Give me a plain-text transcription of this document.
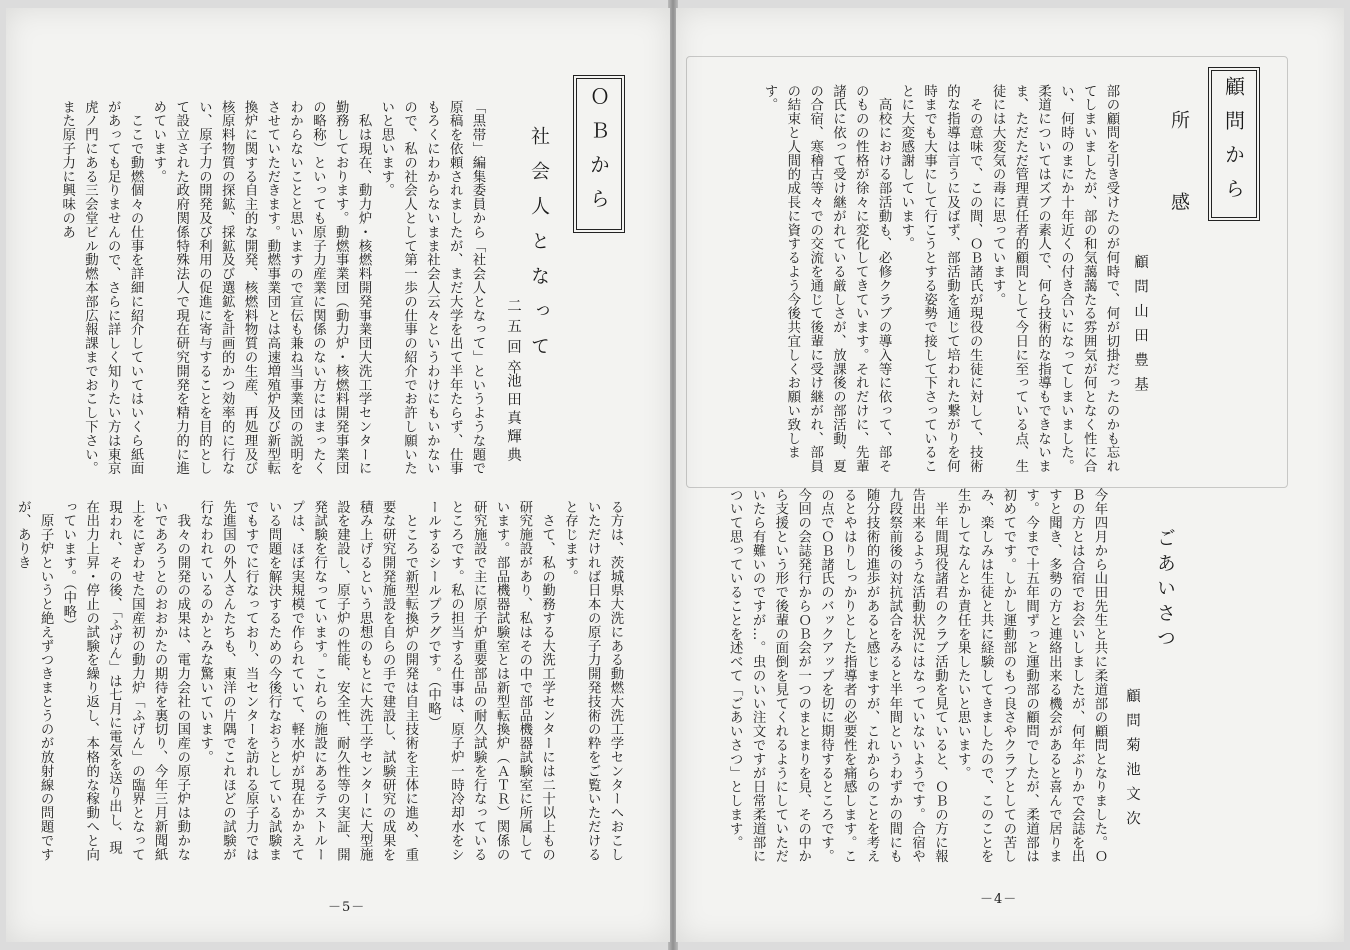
ＯＢから
社会人となって
二五回卒
池田真輝典
「黒帯」編集委員から「社会人となって」というような題で原稿を依頼されましたが、まだ大学を出て半年たらず、仕事もろくにわからないまま社会人云々というわけにもいかないので、私の社会人として第一歩の仕事の紹介でお許し願いたいと思います。
　私は現在、動力炉・核燃料開発事業団大洗工学センターに勤務しております。動燃事業団（動力炉・核燃料開発事業団の略称）といっても原子力産業に関係のない方にはまったくわからないことと思いますので宣伝も兼ね当事業団の説明をさせていただきます。動燃事業団とは高速増殖炉及び新型転換炉に関する自主的な開発、核燃料物質の生産、再処理及び核原料物質の探鉱、採鉱及び選鉱を計画的かつ効率的に行ない、原子力の開発及び利用の促進に寄与することを目的として設立された政府関係特殊法人で現在研究開発を精力的に進めています。
　ここで動燃個々の仕事を詳細に紹介していてはいくら紙面があっても足りませんので、さらに詳しく知りたい方は東京虎ノ門にある三会堂ビル動燃本部広報課までおこし下さい。また原子力に興味のあ
る方は、茨城県大洗にある動燃大洗工学センターへおこしいただければ日本の原子力開発技術の粋をご覧いただけると存じます。
　さて、私の勤務する大洗工学センターには二十以上もの研究施設があり、私はその中で部品機器試験室に所属しています。部品機器試験室とは新型転換炉（ＡＴＲ）関係の研究施設で主に原子炉重要部品の耐久試験を行なっているところです。私の担当する仕事は、原子炉一時冷却水をシールするシールプラグです。（中略）
　ところで新型転換炉の開発は自主技術を主体に進め、重要な研究開発施設を自らの手で建設し、試験研究の成果を積み上げるという思想のもとに大洗工学センターに大型施設を建設し、原子炉の性能、安全性、耐久性等の実証、開発試験を行なっています。これらの施設にあるテストループは、ほぼ実規模で作られていて、軽水炉が現在かかえている問題を解決するための今後行なおうとしている試験までもすでに行なっており、当センターを訪れる原子力では先進国の外人さんたちも、東洋の片隅でこれほどの試験が行なわれているのかとみな驚いています。
　我々の開発の成果は、電力会社の国産の原子炉は動かないであろうとのおおかたの期待を裏切り、今年三月新聞紙上をにぎわせた国産初の動力炉「ふげん」の臨界となって現われ、その後、「ふげん」は七月に電気を送り出し、現在出力上昇・停止の試験を繰り返し、本格的な稼動へと向っています。（中略）
　原子炉というと絶えずつきまとうのが放射線の問題ですが、ありき
－5－
顧問から
所　感
顧問山田豊基
部の顧問を引き受けたのが何時で、何が切掛だったのかも忘れてしまいましたが、部の和気藹藹たる雰囲気が何となく性に合い、何時のまにか十年近くの付き合いになってしまいました。柔道についてはズブの素人で、何ら技術的な指導もできないまま、ただただ管理責任者的顧問として今日に至っている点、生徒には大変気の毒に思っています。
　その意味で、この間、ＯＢ諸氏が現役の生徒に対して、技術的な指導は言うに及ばず、部活動を通じて培われた繋がりを何時までも大事にして行こうとする姿勢で接して下さっていることに大変感謝しています。
　高校における部活動も、必修クラブの導入等に依って、部そのものの性格が徐々に変化してきています。それだけに、先輩諸氏に依って受け継がれている厳しさが、放課後の部活動、夏の合宿、寒稽古等々での交流を通じて後輩に受け継がれ、部員の結束と人間的成長に資するよう今後共宜しくお願い致します。
ごあいさつ
顧問菊池文次
今年四月から山田先生と共に柔道部の顧問となりました。ＯＢの方とは合宿でお会いしましたが、何年ぶりかで会誌を出すと聞き、多勢の方と連絡出来る機会があると喜んで居ります。今まで十五年間ずっと運動部の顧問でしたが、柔道部は初めてです。しかし運動部のもつ良さやクラブとしての苦しみ、楽しみは生徒と共に経験してきましたので、このことを生かしてなんとか責任を果したいと思います。
　半年間現役諸君のクラブ活動を見ていると、ＯＢの方に報告出来るような活動状況にはなっていないようです。合宿や九段祭前後の対抗試合をみると半年間というわずかの間にも随分技術的進歩があると感じますが、これからのことを考えるとやはりしっかりとした指導者の必要性を痛感します。この点でＯＢ諸氏のバックアップを切に期待するところです。今回の会誌発行からＯＢ会が一つのまとまりを見、その中から支援という形で後輩の面倒を見てくれるようにしていただいたら有難いのですが…。虫のいい注文ですが日常柔道部について思っていることを述べて「ごあいさつ」とします。
－4－
